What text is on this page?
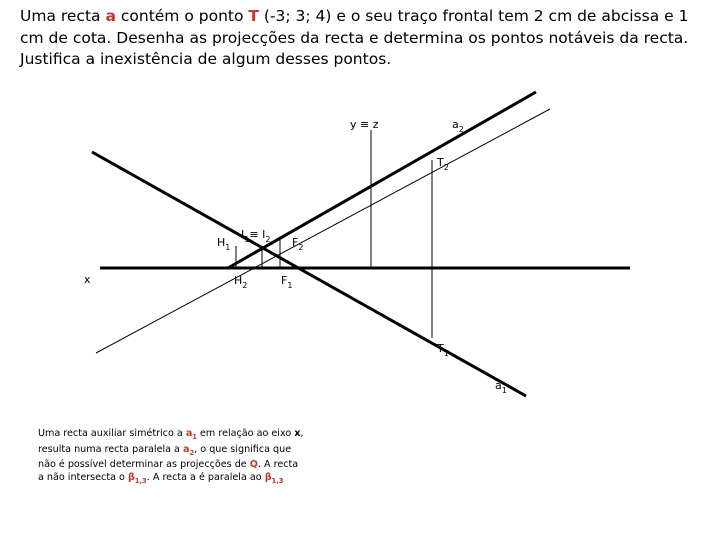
Uma recta a contém o ponto T (-3; 3; 4) e o seu traço frontal tem 2 cm de abcissa e 1 cm de cota. Desenha as projecções da recta e determina os pontos notáveis da recta. Justifica a inexistência de algum desses pontos.

y ≡ z
x
$a_2$
$a_1$
$T_2$
$T_1$
$H_1$
$H_2$
$I_1\equiv I_2$ $F_2$
$F_1$

Uma recta auxiliar simétrico a $a_1$ em relação ao eixo x, resulta numa recta paralela a $a_2$, o que significa que não é possível determinar as projecções de Q. A recta a não intersecta o $\beta_{1,3}$. A recta a é paralela ao $\beta_{1,3}$
